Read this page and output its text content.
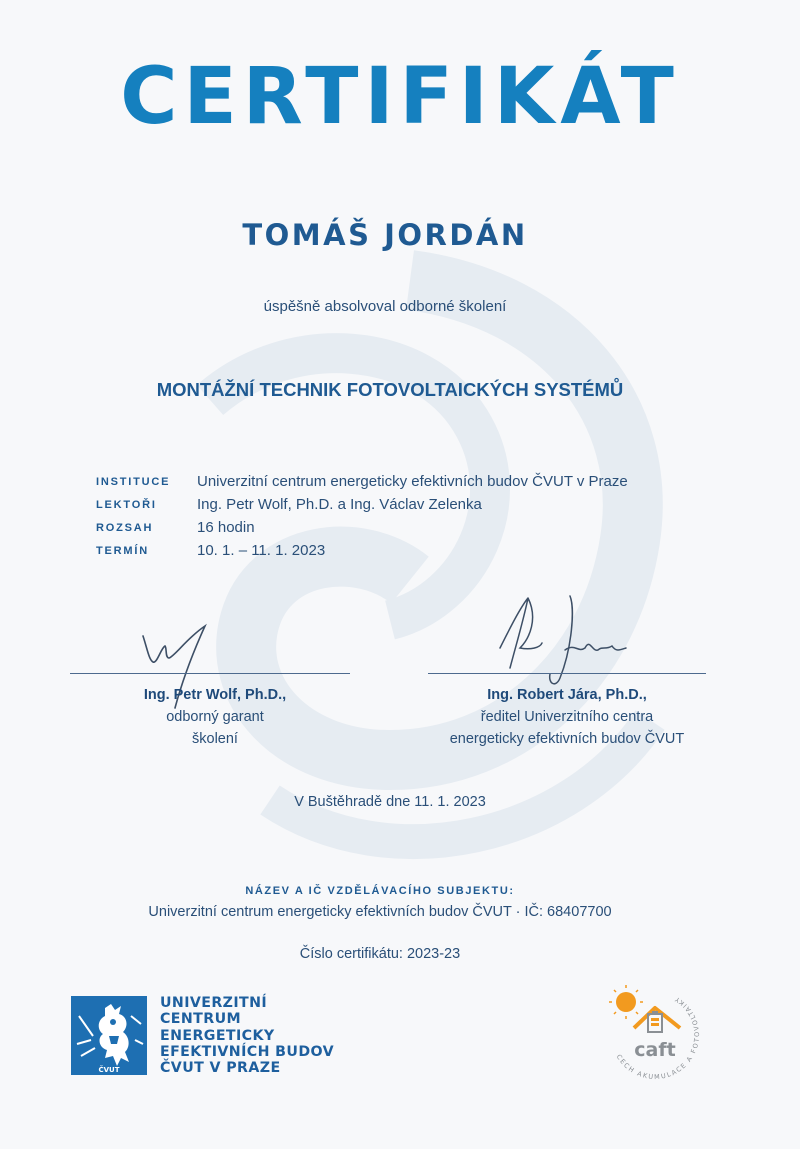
CERTIFIKÁT
TOMÁŠ JORDÁN
úspěšně absolvoval odborné školení
MONTÁŽNÍ TECHNIK FOTOVOLTAICKÝCH SYSTÉMŮ
INSTITUCE	Univerzitní centrum energeticky efektivních budov ČVUT v Praze
LEKTOŘI	Ing. Petr Wolf, Ph.D. a Ing. Václav Zelenka
ROZSAH	16 hodin
TERMÍN	10. 1. – 11. 1. 2023
Ing. Petr Wolf, Ph.D.,
odborný garant
školení
Ing. Robert Jára, Ph.D.,
ředitel Univerzitního centra
energeticky efektivních budov ČVUT
V Buštěhradě dne 11. 1. 2023
NÁZEV A IČ VZDĚLÁVACÍHO SUBJEKTU:
Univerzitní centrum energeticky efektivních budov ČVUT · IČ: 68407700
Číslo certifikátu: 2023-23
ČVUT
UNIVERZITNÍ
CENTRUM
ENERGETICKY
EFEKTIVNÍCH BUDOV
ČVUT V PRAZE
CECH AKUMULACE A FOTOVOLTAIKY
caft
